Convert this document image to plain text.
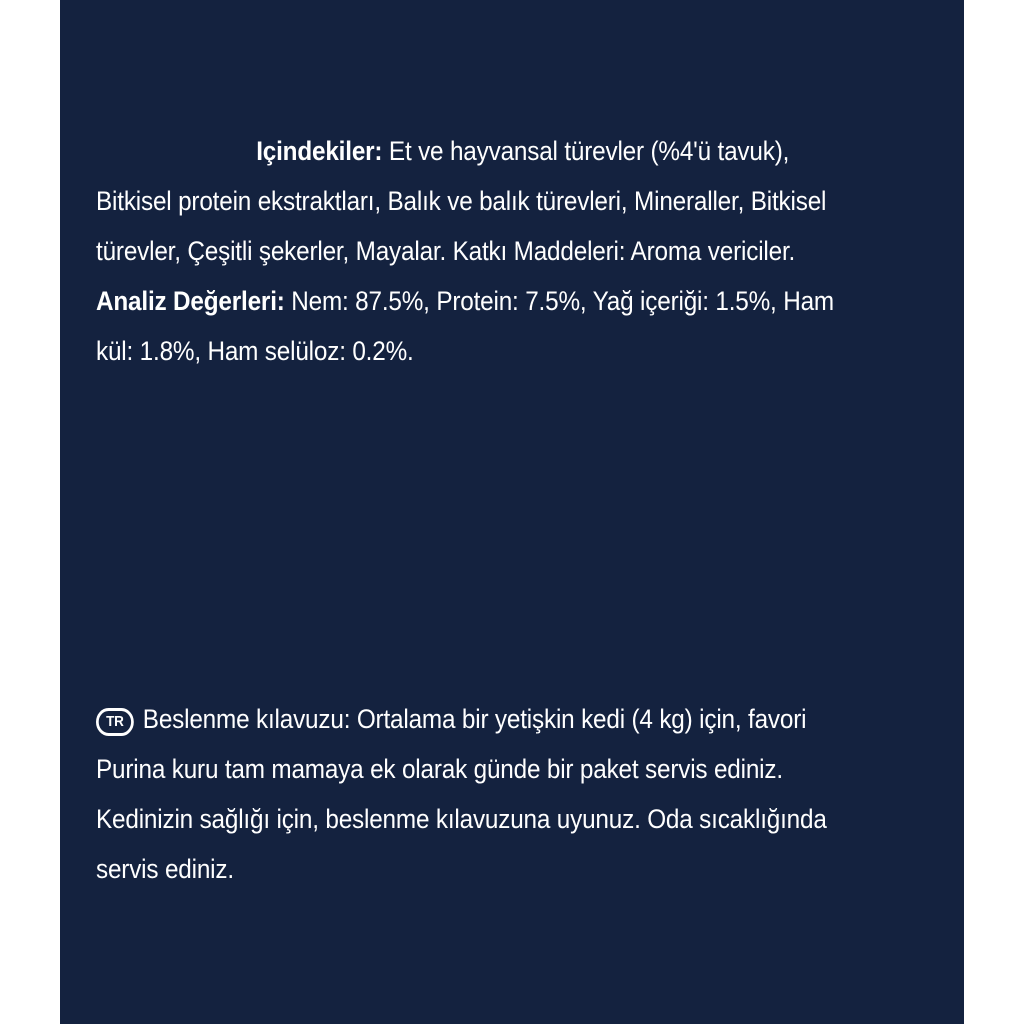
Içindekiler: Et ve hayvansal türevler (%4'ü tavuk), Bitkisel protein ekstraktları, Balık ve balık türevleri, Mineraller, Bitkisel türevler, Çeşitli şekerler, Mayalar. Katkı Maddeleri: Aroma vericiler. Analiz Değerleri: Nem: 87.5%, Protein: 7.5%, Yağ içeriği: 1.5%, Ham kül: 1.8%, Ham selüloz: 0.2%.
TR Beslenme kılavuzu: Ortalama bir yetişkin kedi (4 kg) için, favori Purina kuru tam mamaya ek olarak günde bir paket servis ediniz. Kedinizin sağlığı için, beslenme kılavuzuna uyunuz. Oda sıcaklığında servis ediniz.
